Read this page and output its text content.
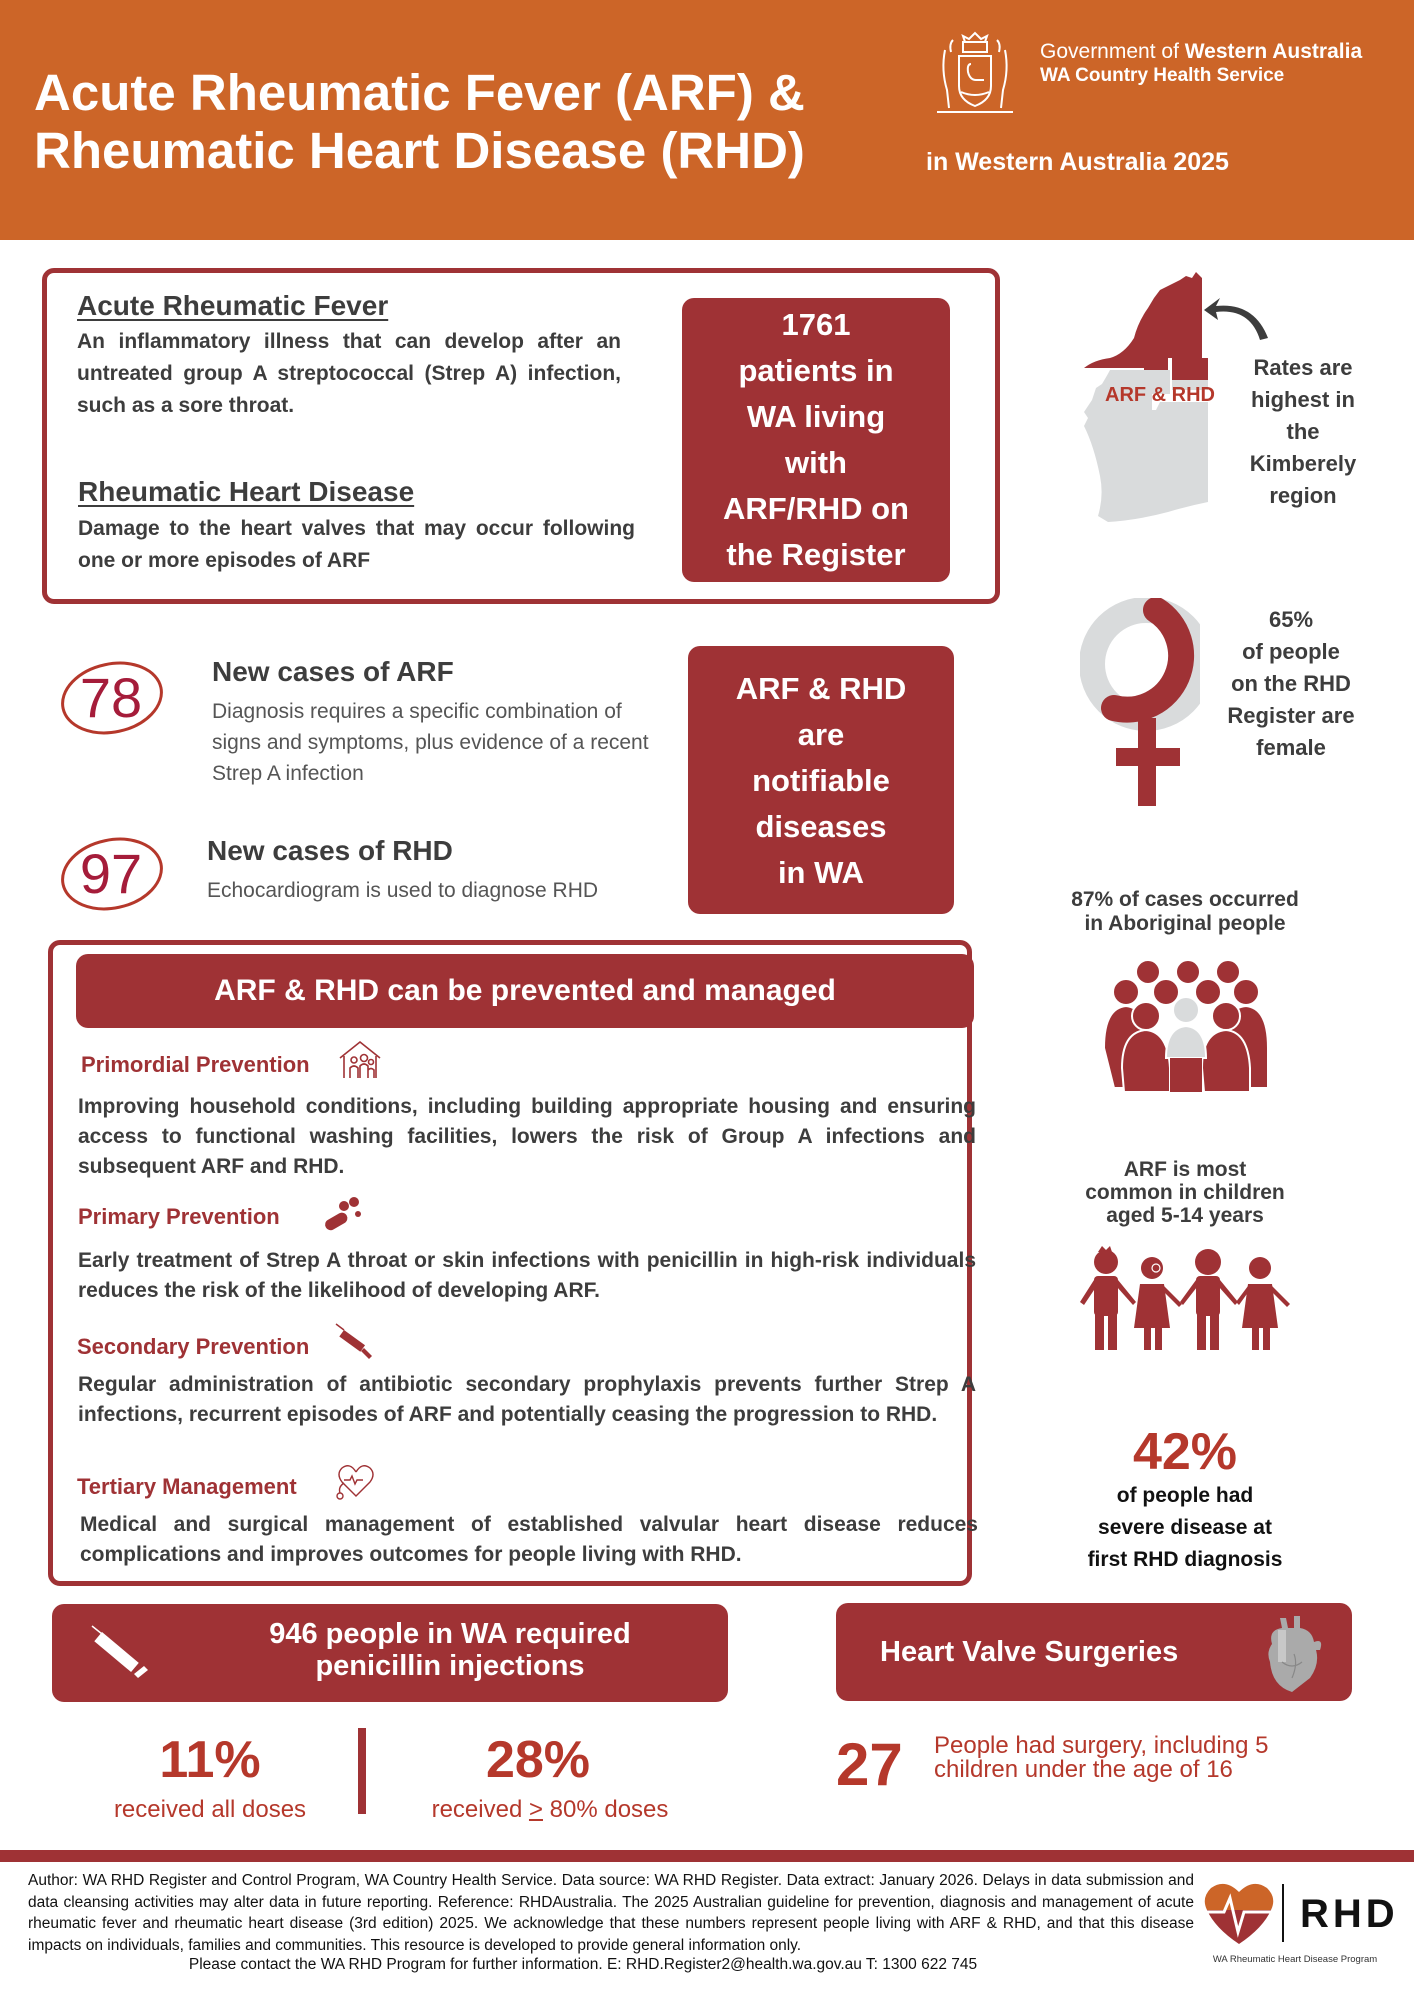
Acute Rheumatic Fever (ARF) &
Rheumatic Heart Disease (RHD)	in Western Australia 2025
Government of Western Australia
WA Country Health Service
Acute Rheumatic Fever
An inflammatory illness that can develop after an untreated group A streptococcal (Strep A) infection, such as a sore throat.
Rheumatic Heart Disease
Damage to the heart valves that may occur following one or more episodes of ARF
1761
patients in
WA living
with
ARF/RHD on
the Register
ARF & RHD
Rates are highest in the Kimberely region
78	New cases of ARF
Diagnosis requires a specific combination of signs and symptoms, plus evidence of a recent Strep A infection
97	New cases of RHD
Echocardiogram is used to diagnose RHD
ARF & RHD
are
notifiable
diseases
in WA
65%
of people on the RHD Register are female
87% of cases occurred
in Aboriginal people
ARF & RHD can be prevented and managed
Primordial Prevention
Improving household conditions, including building appropriate housing and ensuring access to functional washing facilities, lowers the risk of Group A infections and subsequent ARF and RHD.
Primary Prevention
Early treatment of Strep A throat or skin infections with penicillin in high-risk individuals reduces the risk of the likelihood of developing ARF.
Secondary Prevention
Regular administration of antibiotic secondary prophylaxis prevents further Strep A infections, recurrent episodes of ARF and potentially ceasing the progression to RHD.
Tertiary Management
Medical and surgical management of established valvular heart disease reduces complications and improves outcomes for people living with RHD.
ARF is most
common in children
aged 5-14 years
42%
of people had
severe disease at
first RHD diagnosis
946 people in WA required
penicillin injections
11%
received all doses
28%
received ≥ 80% doses
Heart Valve Surgeries
27 People had surgery, including 5
children under the age of 16
Author: WA RHD Register and Control Program, WA Country Health Service. Data source: WA RHD Register. Data extract: January 2026. Delays in data submission and data cleansing activities may alter data in future reporting. Reference: RHDAustralia. The 2025 Australian guideline for prevention, diagnosis and management of acute rheumatic fever and rheumatic heart disease (3rd edition) 2025. We acknowledge that these numbers represent people living with ARF & RHD, and that this disease impacts on individuals, families and communities. This resource is developed to provide general information only.
Please contact the WA RHD Program for further information. E: RHD.Register2@health.wa.gov.au T: 1300 622 745
RHD
WA Rheumatic Heart Disease Program
